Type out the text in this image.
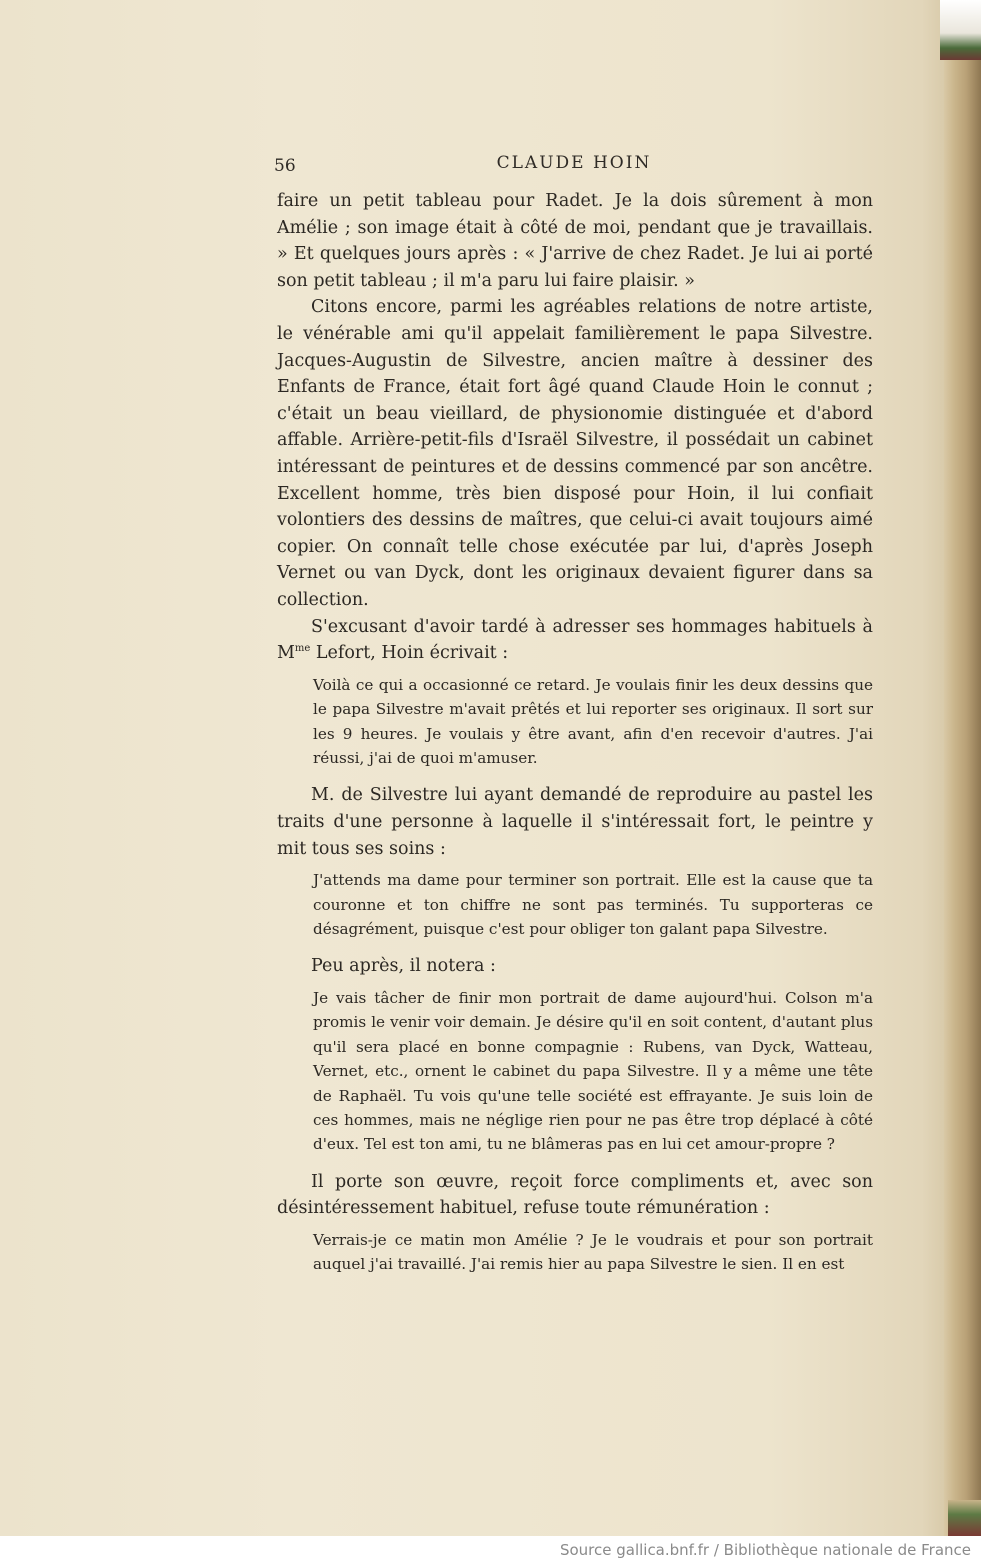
56	CLAUDE HOIN

faire un petit tableau pour Radet. Je la dois sûrement à mon Amélie ; son image était à côté de moi, pendant que je travaillais. » Et quelques jours après : « J'arrive de chez Radet. Je lui ai porté son petit tableau ; il m'a paru lui faire plaisir. »

Citons encore, parmi les agréables relations de notre artiste, le vénérable ami qu'il appelait familièrement le papa Silvestre. Jacques-Augustin de Silvestre, ancien maître à dessiner des Enfants de France, était fort âgé quand Claude Hoin le connut ; c'était un beau vieillard, de physionomie distinguée et d'abord affable. Arrière-petit-fils d'Israël Silvestre, il possédait un cabinet intéressant de peintures et de dessins commencé par son ancêtre. Excellent homme, très bien disposé pour Hoin, il lui confiait volontiers des dessins de maîtres, que celui-ci avait toujours aimé copier. On connaît telle chose exécutée par lui, d'après Joseph Vernet ou van Dyck, dont les originaux devaient figurer dans sa collection.

S'excusant d'avoir tardé à adresser ses hommages habituels à $M^{me}$ Lefort, Hoin écrivait :

Voilà ce qui a occasionné ce retard. Je voulais finir les deux dessins que le papa Silvestre m'avait prêtés et lui reporter ses originaux. Il sort sur les 9 heures. Je voulais y être avant, afin d'en recevoir d'autres. J'ai réussi, j'ai de quoi m'amuser.

M. de Silvestre lui ayant demandé de reproduire au pastel les traits d'une personne à laquelle il s'intéressait fort, le peintre y mit tous ses soins :

J'attends ma dame pour terminer son portrait. Elle est la cause que ta couronne et ton chiffre ne sont pas terminés. Tu supporteras ce désagrément, puisque c'est pour obliger ton galant papa Silvestre.

Peu après, il notera :

Je vais tâcher de finir mon portrait de dame aujourd'hui. Colson m'a promis le venir voir demain. Je désire qu'il en soit content, d'autant plus qu'il sera placé en bonne compagnie : Rubens, van Dyck, Watteau, Vernet, etc., ornent le cabinet du papa Silvestre. Il y a même une tête de Raphaël. Tu vois qu'une telle société est effrayante. Je suis loin de ces hommes, mais ne néglige rien pour ne pas être trop déplacé à côté d'eux. Tel est ton ami, tu ne blâmeras pas en lui cet amour-propre ?

Il porte son œuvre, reçoit force compliments et, avec son désintéressement habituel, refuse toute rémunération :

Verrais-je ce matin mon Amélie ? Je le voudrais et pour son portrait auquel j'ai travaillé. J'ai remis hier au papa Silvestre le sien. Il en est

Source gallica.bnf.fr / Bibliothèque nationale de France
